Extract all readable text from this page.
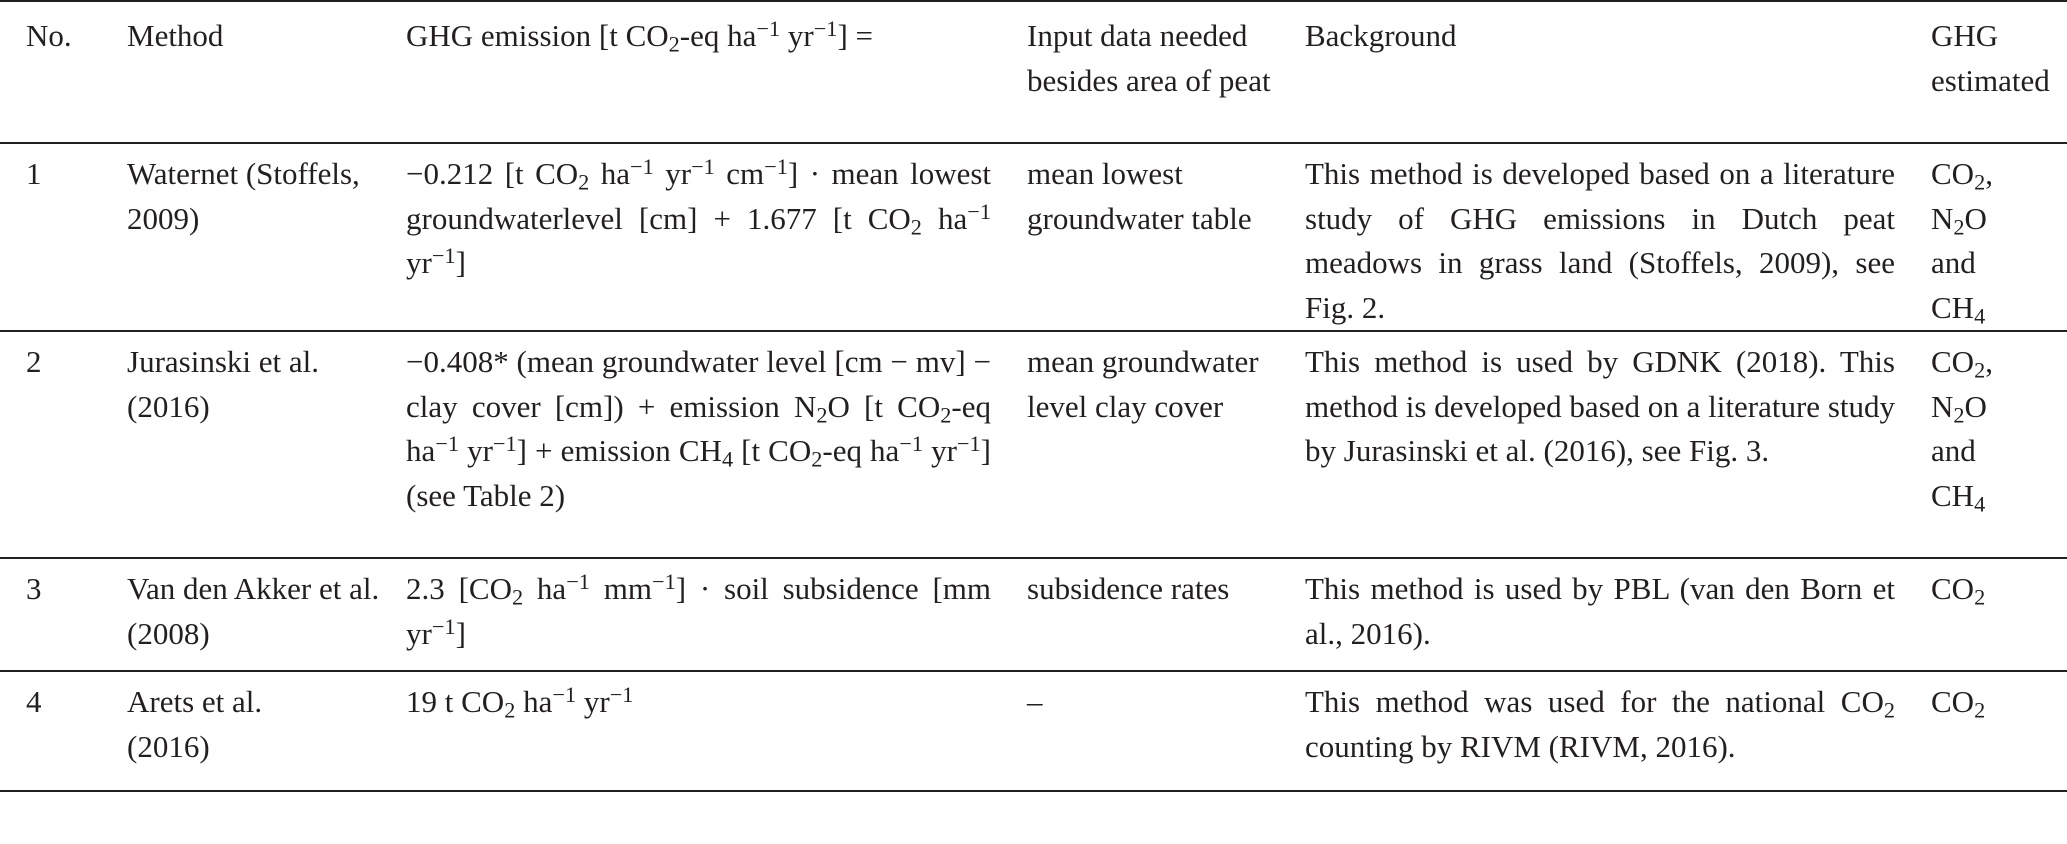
No.	Method	GHG emission [t $CO_2-eq$ $ha^{-1}$ $yr^{-1}$] =	Input data needed besides area of peat	Background	GHG estimated
1	Waternet (Stoffels, 2009)	−0.212 [t $CO_2$ $ha^{-1}$ $yr^{-1}$ $cm^{-1}$] · mean lowest groundwaterlevel [cm] + 1.677 [t $CO_2$ $ha^{-1}$ $yr^{-1}$]	mean lowest groundwater table	This method is developed based on a literature study of GHG emissions in Dutch peat meadows in grass land (Stoffels, 2009), see Fig. 2.	$CO_2$, $N_2O$ and $CH_4$
2	Jurasinski et al. (2016)	−0.408* (mean groundwater level [cm − mv] − clay cover [cm]) + emission $N_2O$ [t $CO_2-eq$ $ha^{-1}$ $yr^{-1}$] + emission $CH_4$ [t $CO_2-eq$ $ha^{-1}$ $yr^{-1}$] (see Table 2)	mean groundwater level clay cover	This method is used by GDNK (2018). This method is developed based on a literature study by Jurasinski et al. (2016), see Fig. 3.	$CO_2$, $N_2O$ and $CH_4$
3	Van den Akker et al. (2008)	2.3 [$CO_2$ $ha^{-1}$ $mm^{-1}$] · soil subsidence [mm $yr^{-1}$]	subsidence rates	This method is used by PBL (van den Born et al., 2016).	$CO_2$
4	Arets et al. (2016)	19 t $CO_2$ $ha^{-1}$ $yr^{-1}$	–	This method was used for the national $CO_2$ counting by RIVM (RIVM, 2016).	$CO_2$
